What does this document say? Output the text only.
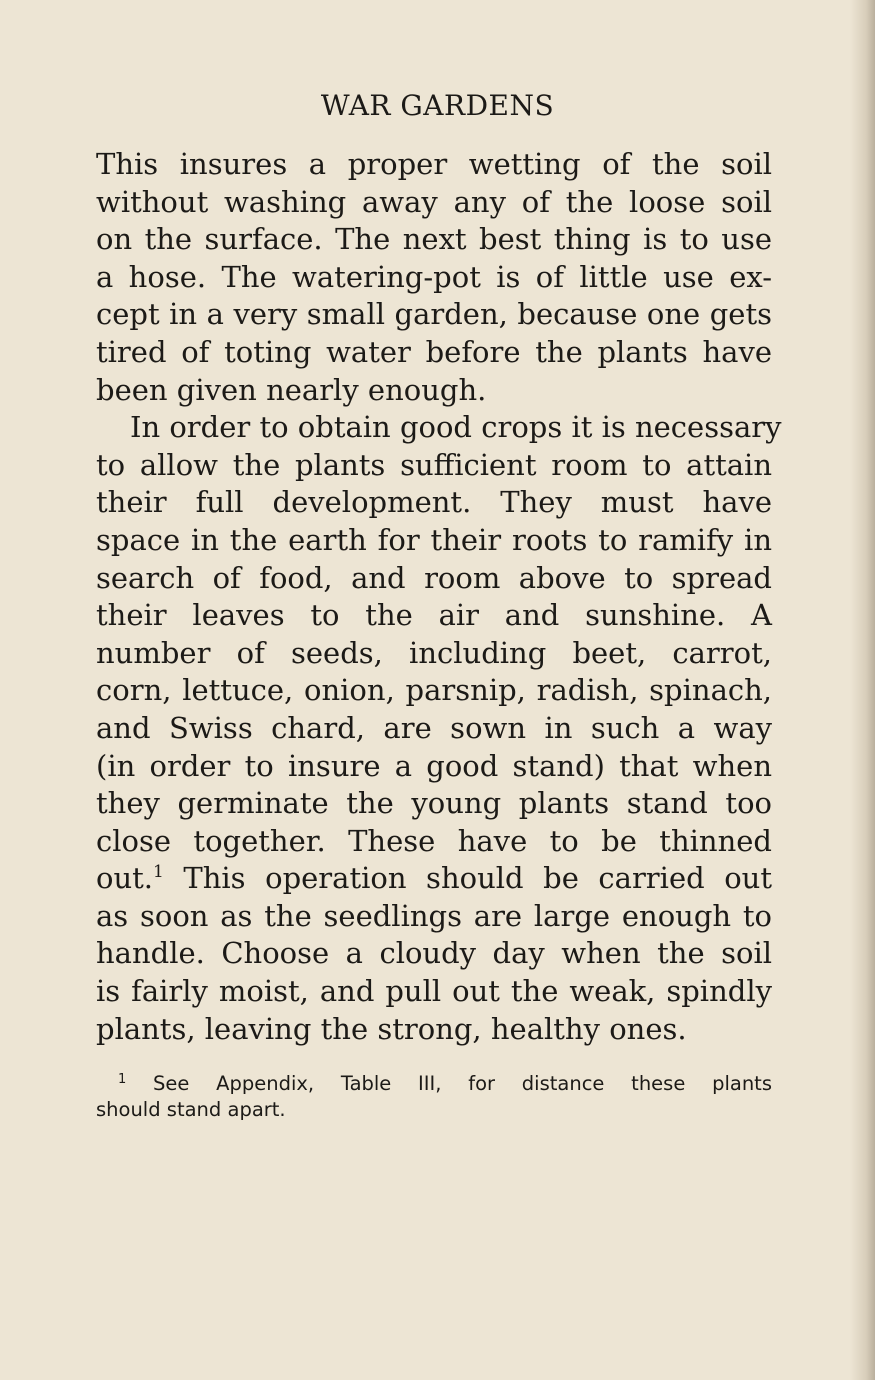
WAR GARDENS
This insures a proper wetting of the soil
without washing away any of the loose soil
on the surface. The next best thing is to use
a hose. The watering-pot is of little use ex-
cept in a very small garden, because one gets
tired of toting water before the plants have
been given nearly enough.
In order to obtain good crops it is necessary
to allow the plants sufficient room to attain
their full development. They must have
space in the earth for their roots to ramify in
search of food, and room above to spread
their leaves to the air and sunshine. A
number of seeds, including beet, carrot,
corn, lettuce, onion, parsnip, radish, spinach,
and Swiss chard, are sown in such a way
(in order to insure a good stand) that when
they germinate the young plants stand too
close together. These have to be thinned
out.$^1$ This operation should be carried out
as soon as the seedlings are large enough to
handle. Choose a cloudy day when the soil
is fairly moist, and pull out the weak, spindly
plants, leaving the strong, healthy ones.
$^1$ See Appendix, Table III, for distance these plants
should stand apart.
